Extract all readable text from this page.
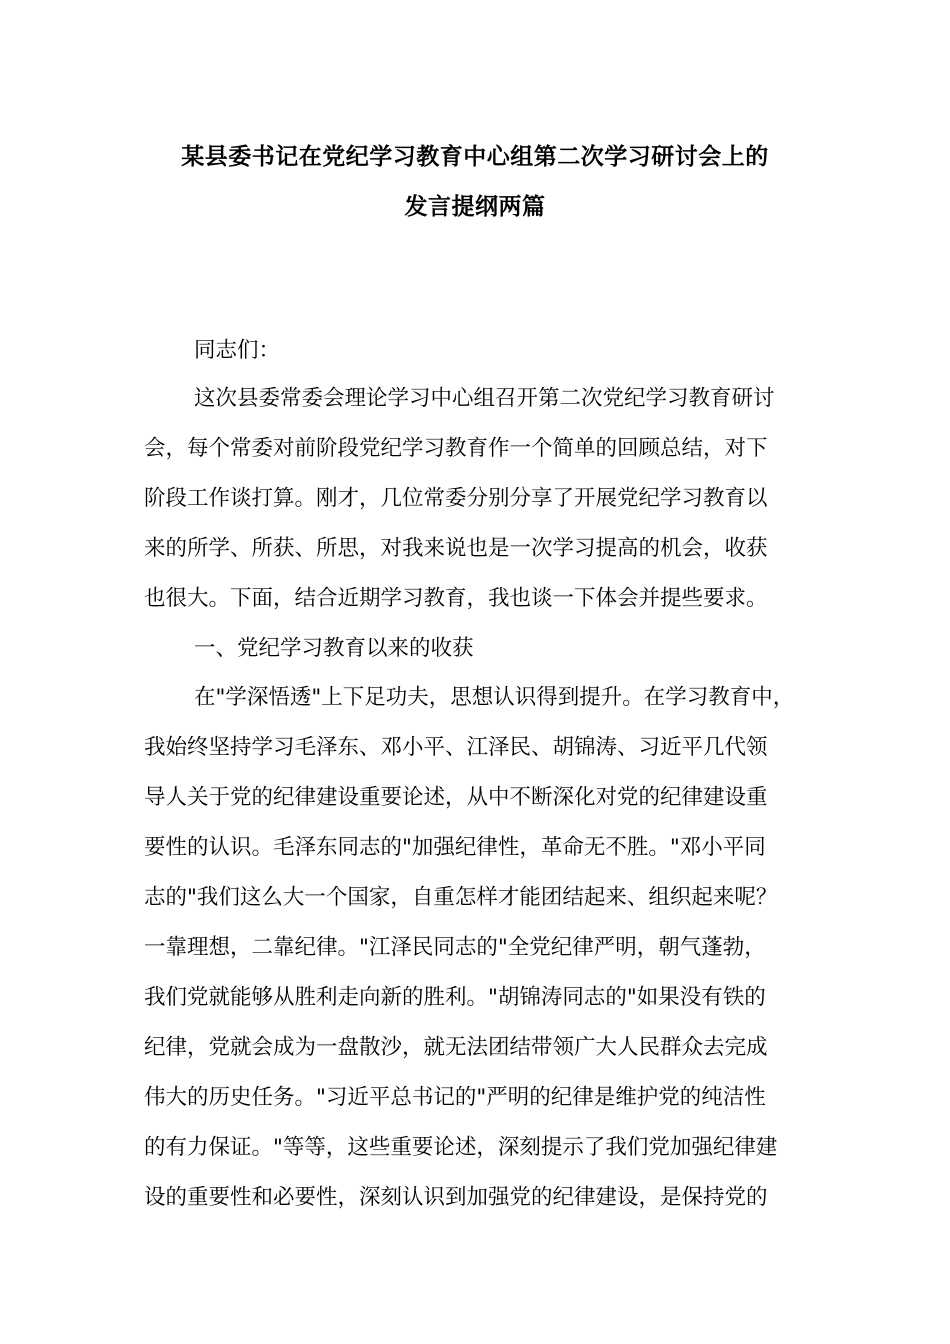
某县委书记在党纪学习教育中心组第二次学习研讨会上的
发言提纲两篇
同志们：
这次县委常委会理论学习中心组召开第二次党纪学习教育研讨
会，每个常委对前阶段党纪学习教育作一个简单的回顾总结，对下
阶段工作谈打算。刚才，几位常委分别分享了开展党纪学习教育以
来的所学、所获、所思，对我来说也是一次学习提高的机会，收获
也很大。下面，结合近期学习教育，我也谈一下体会并提些要求。
一、党纪学习教育以来的收获
在"学深悟透"上下足功夫，思想认识得到提升。在学习教育中，
我始终坚持学习毛泽东、邓小平、江泽民、胡锦涛、习近平几代领
导人关于党的纪律建设重要论述，从中不断深化对党的纪律建设重
要性的认识。毛泽东同志的"加强纪律性，革命无不胜。"邓小平同
志的"我们这么大一个国家，自重怎样才能团结起来、组织起来呢？
一靠理想，二靠纪律。"江泽民同志的"全党纪律严明，朝气蓬勃，
我们党就能够从胜利走向新的胜利。"胡锦涛同志的"如果没有铁的
纪律，党就会成为一盘散沙，就无法团结带领广大人民群众去完成
伟大的历史任务。"习近平总书记的"严明的纪律是维护党的纯洁性
的有力保证。"等等，这些重要论述，深刻提示了我们党加强纪律建
设的重要性和必要性，深刻认识到加强党的纪律建设，是保持党的
